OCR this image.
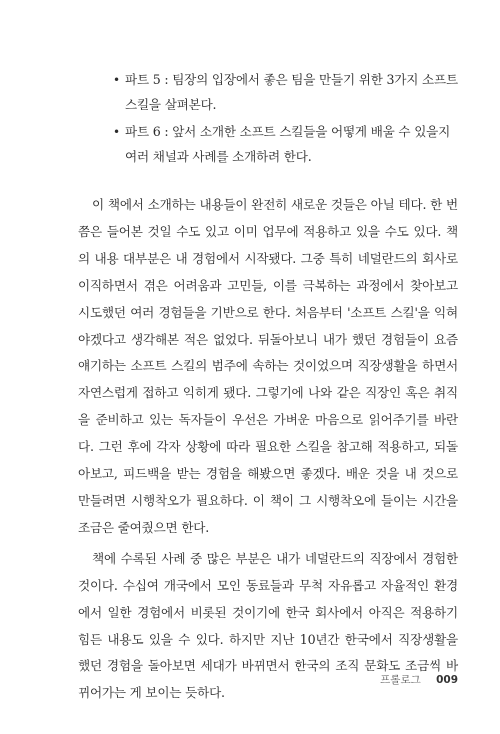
• 파트 5 : 팀장의 입장에서 좋은 팀을 만들기 위한 3가지 소프트 스킬을 살펴본다.
• 파트 6 : 앞서 소개한 소프트 스킬들을 어떻게 배울 수 있을지 여러 채널과 사례를 소개하려 한다.

이 책에서 소개하는 내용들이 완전히 새로운 것들은 아닐 테다. 한 번쯤은 들어본 것일 수도 있고 이미 업무에 적용하고 있을 수도 있다. 책의 내용 대부분은 내 경험에서 시작됐다. 그중 특히 네덜란드의 회사로 이직하면서 겪은 어려움과 고민들, 이를 극복하는 과정에서 찾아보고 시도했던 여러 경험들을 기반으로 한다. 처음부터 '소프트 스킬'을 익혀야겠다고 생각해본 적은 없었다. 뒤돌아보니 내가 했던 경험들이 요즘 얘기하는 소프트 스킬의 범주에 속하는 것이었으며 직장생활을 하면서 자연스럽게 접하고 익히게 됐다. 그렇기에 나와 같은 직장인 혹은 취직을 준비하고 있는 독자들이 우선은 가벼운 마음으로 읽어주기를 바란다. 그런 후에 각자 상황에 따라 필요한 스킬을 참고해 적용하고, 되돌아보고, 피드백을 받는 경험을 해봤으면 좋겠다. 배운 것을 내 것으로 만들려면 시행착오가 필요하다. 이 책이 그 시행착오에 들이는 시간을 조금은 줄여줬으면 한다.

책에 수록된 사례 중 많은 부분은 내가 네덜란드의 직장에서 경험한 것이다. 수십여 개국에서 모인 동료들과 무척 자유롭고 자율적인 환경에서 일한 경험에서 비롯된 것이기에 한국 회사에서 아직은 적용하기 힘든 내용도 있을 수 있다. 하지만 지난 10년간 한국에서 직장생활을 했던 경험을 돌아보면 세대가 바뀌면서 한국의 조직 문화도 조금씩 바뀌어가는 게 보이는 듯하다.

프롤로그 009
